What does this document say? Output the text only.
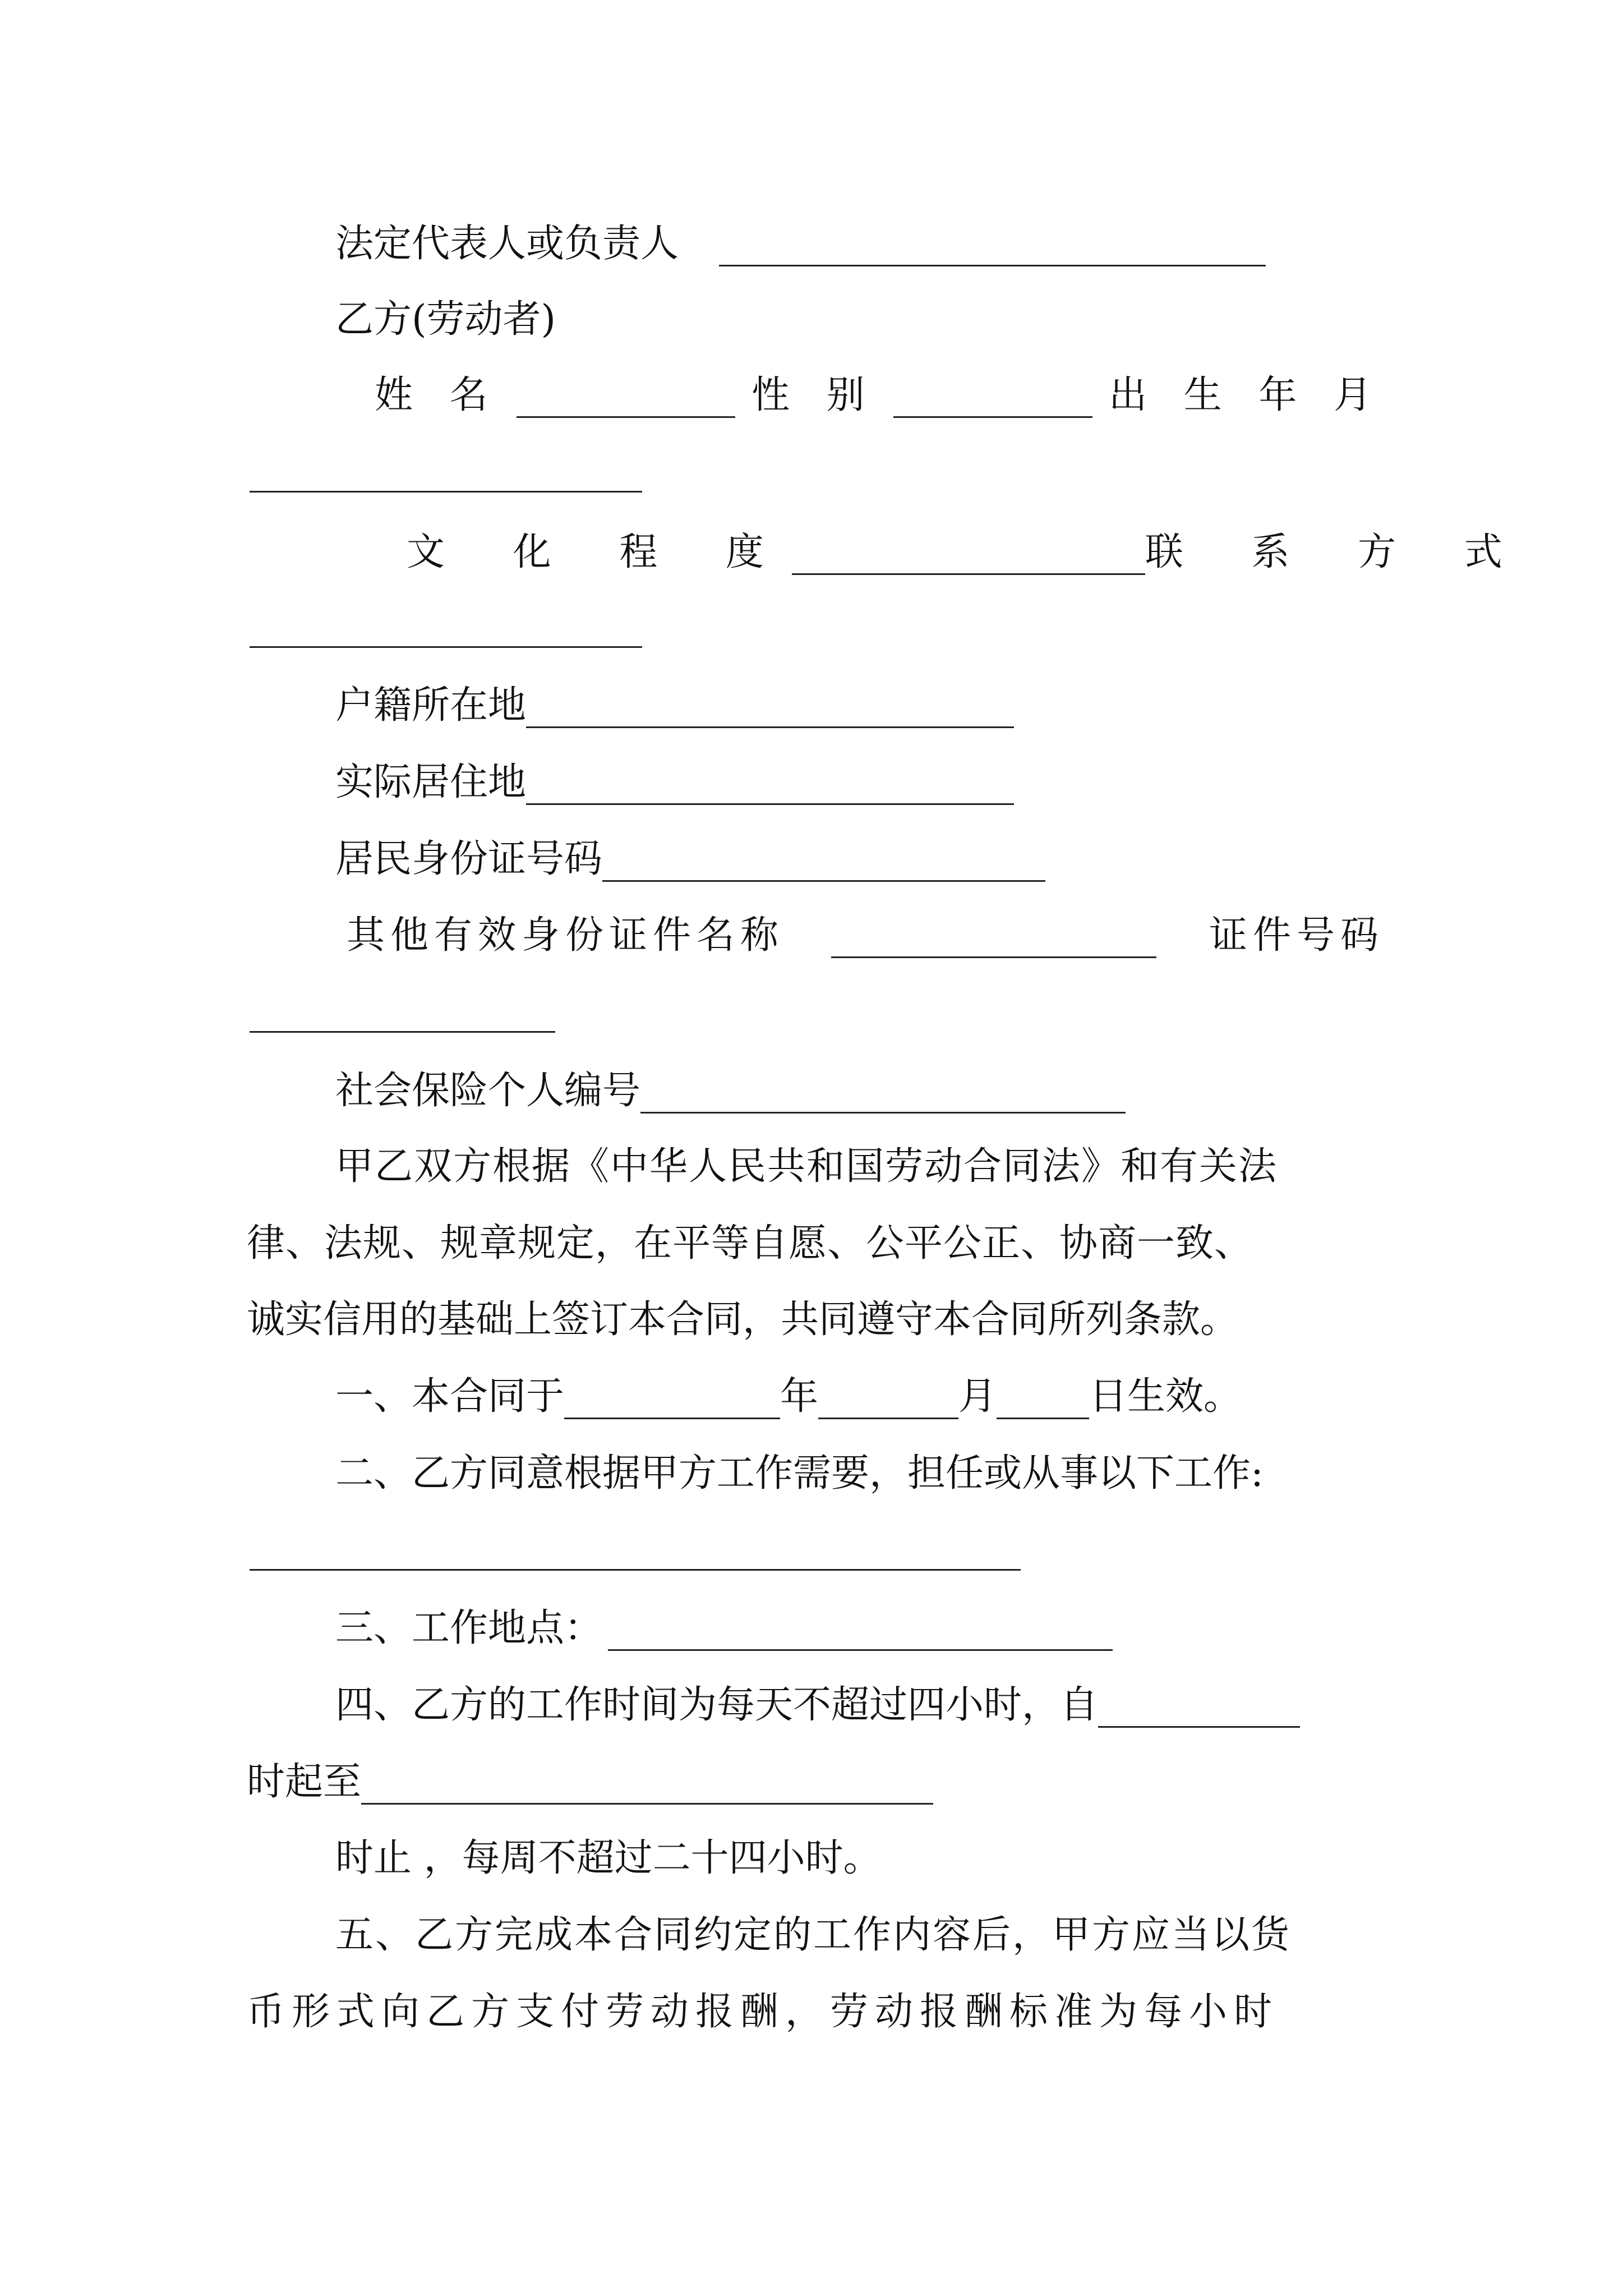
法定代表人或负责人
乙方(劳动者)
姓 名	性 别	出 生 年 月
文 化 程 度	联 系 方 式
户籍所在地
实际居住地
居民身份证号码
其他有效身份证件名称	证件号码
社会保险个人编号
甲乙双方根据《中华人民共和国劳动合同法》和有关法
律、法规、规章规定，在平等自愿、公平公正、协商一致、
诚实信用的基础上签订本合同，共同遵守本合同所列条款。
一、本合同于	年	月 日生效。
二、乙方同意根据甲方工作需要，担任或从事以下工作:
三、工作地点：
四、乙方的工作时间为每天不超过四小时，自
时起至
时止 ，每周不超过二十四小时。
五、乙方完成本合同约定的工作内容后，甲方应当以货
币形式向乙方支付劳动报酬，劳动报酬标准为每小时
